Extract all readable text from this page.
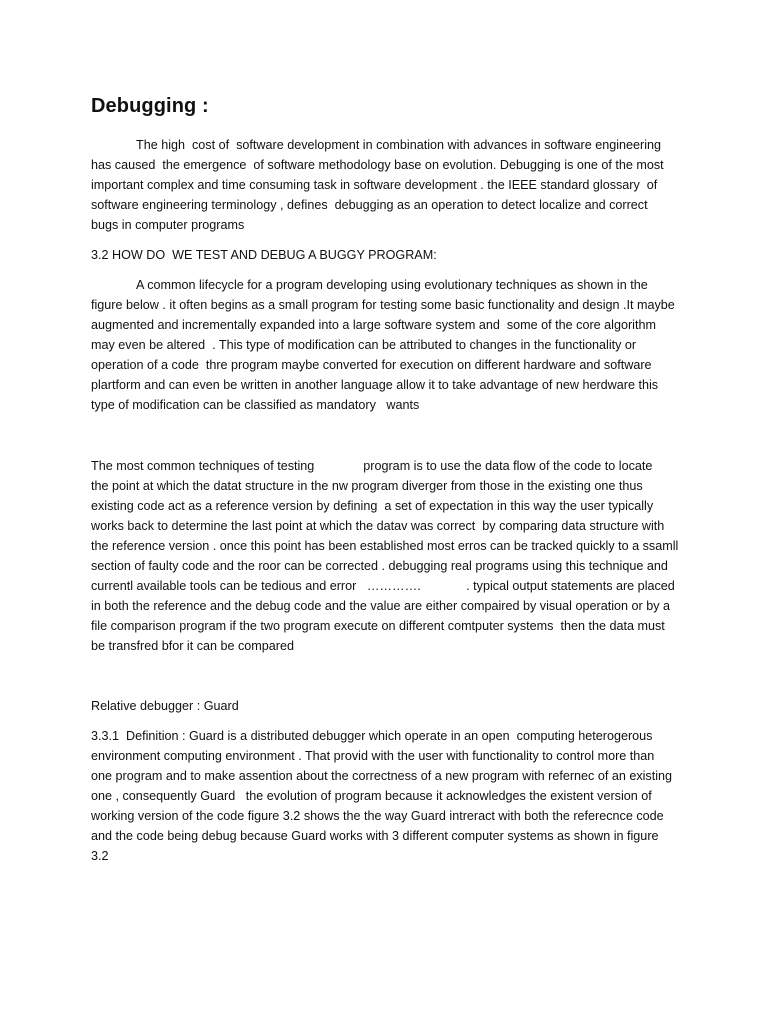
Debugging :
The high  cost of  software development in combination with advances in software engineering
has caused  the emergence  of software methodology base on evolution. Debugging is one of the most
important complex and time consuming task in software development . the IEEE standard glossary  of
software engineering terminology , defines  debugging as an operation to detect localize and correct
bugs in computer programs
3.2 HOW DO  WE TEST AND DEBUG A BUGGY PROGRAM:
A common lifecycle for a program developing using evolutionary techniques as shown in the
figure below . it often begins as a small program for testing some basic functionality and design .It maybe
augmented and incrementally expanded into a large software system and  some of the core algorithm
may even be altered  . This type of modification can be attributed to changes in the functionality or
operation of a code  thre program maybe converted for execution on different hardware and software
plartform and can even be written in another language allow it to take advantage of new herdware this
type of modification can be classified as mandatory   wants
The most common techniques of testing              program is to use the data flow of the code to locate
the point at which the datat structure in the nw program diverger from those in the existing one thus
existing code act as a reference version by defining  a set of expectation in this way the user typically
works back to determine the last point at which the datav was correct  by comparing data structure with
the reference version . once this point has been established most erros can be tracked quickly to a ssamll
section of faulty code and the roor can be corrected . debugging real programs using this technique and
currentl available tools can be tedious and error   ………….             . typical output statements are placed
in both the reference and the debug code and the value are either compaired by visual operation or by a
file comparison program if the two program execute on different comtputer systems  then the data must
be transfred bfor it can be compared
Relative debugger : Guard
3.3.1  Definition : Guard is a distributed debugger which operate in an open  computing heterogerous
environment computing environment . That provid with the user with functionality to control more than
one program and to make assention about the correctness of a new program with refernec of an existing
one , consequently Guard   the evolution of program because it acknowledges the existent version of
working version of the code figure 3.2 shows the the way Guard intreract with both the referecnce code
and the code being debug because Guard works with 3 different computer systems as shown in figure
3.2
